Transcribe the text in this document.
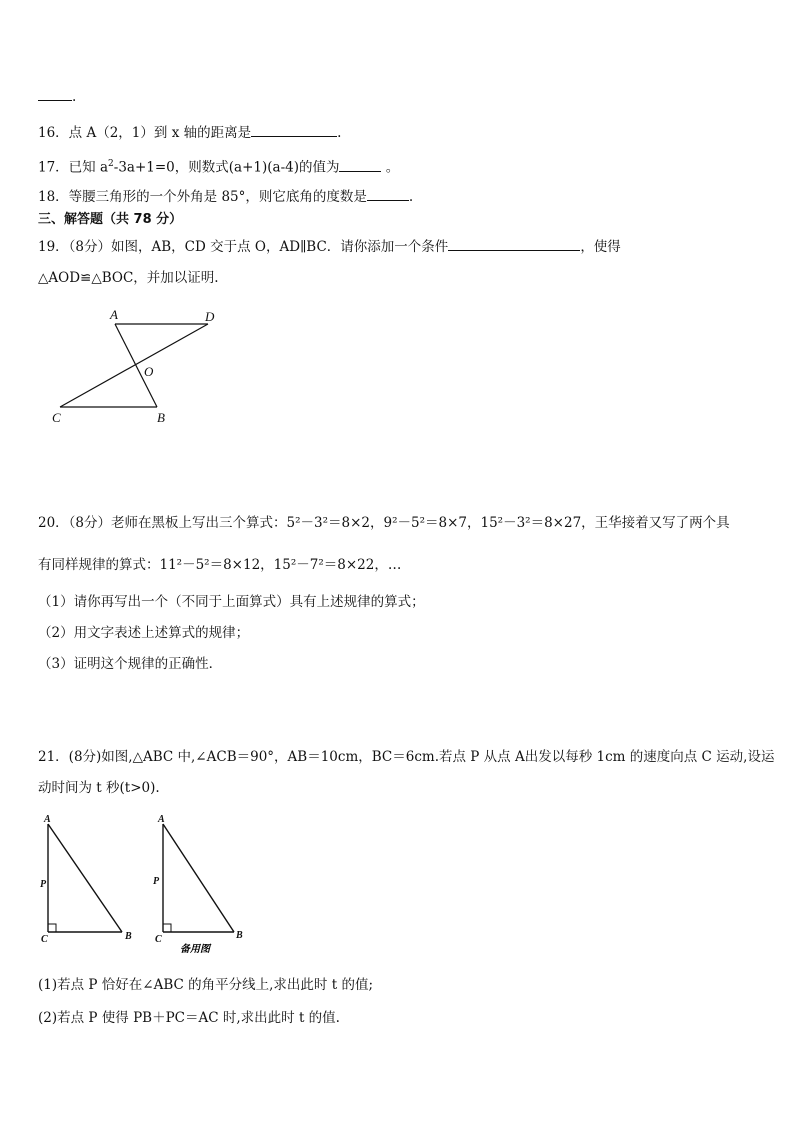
.
16．点 A（2，1）到 x 轴的距离是	.
17．已知 $a^2-3a+1=0$，则数式(a+1)(a-4)的值为	。
18．等腰三角形的一个外角是 85°，则它底角的度数是	.
三、解答题（共 78 分）
19．（8分）如图，AB，CD 交于点 O，AD∥BC．请你添加一个条件	，使得
△AOD≌△BOC，并加以证明.
A	D
O
C	B
20．（8分）老师在黑板上写出三个算式：5²－3²＝8×2，9²－5²＝8×7，15²－3²＝8×27，王华接着又写了两个具
有同样规律的算式：11²－5²＝8×12，15²－7²＝8×22，…
（1）请你再写出一个（不同于上面算式）具有上述规律的算式；
（2）用文字表述上述算式的规律；
（3）证明这个规律的正确性．
21．(8分)如图,△ABC 中,∠ACB＝90°，AB＝10cm，BC＝6cm.若点 P 从点 A出发以每秒 1cm 的速度向点 C 运动,设运
动时间为 t 秒(t>0).
A
P
C	B
A
P
C	B
备用图
(1)若点 P 恰好在∠ABC 的角平分线上,求出此时 t 的值;
(2)若点 P 使得 PB＋PC＝AC 时,求出此时 t 的值.
